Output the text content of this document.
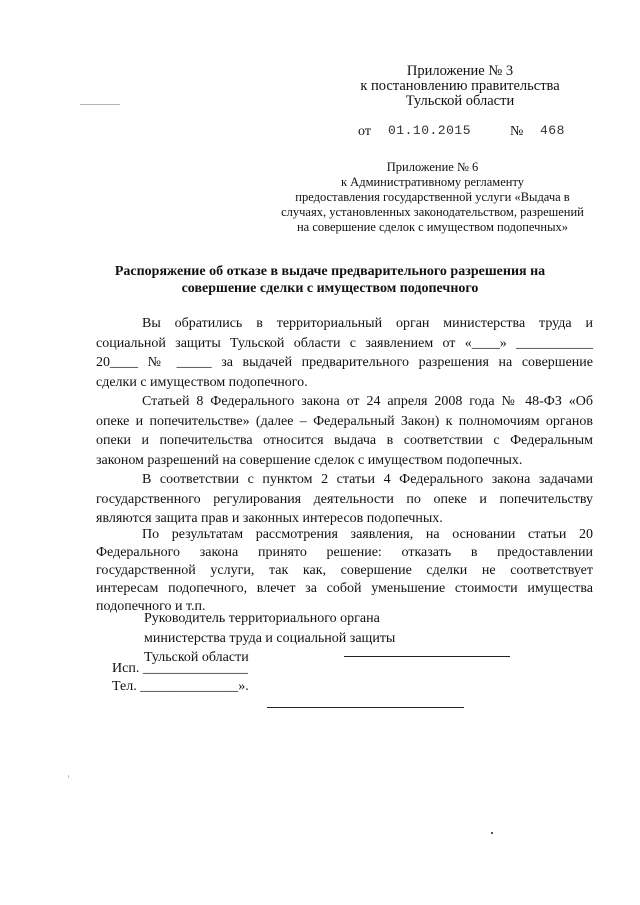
Приложение № 3
к постановлению правительства
Тульской области
от 01.10.2015	№ 468
Приложение № 6
к Административному регламенту
предоставления государственной услуги «Выдача в
случаях, установленных законодательством, разрешений
на совершение сделок с имуществом подопечных»
Распоряжение об отказе в выдаче предварительного разрешения на
совершение сделки с имуществом подопечного
Вы обратились в территориальный орган министерства труда и
социальной защиты Тульской области с заявлением от «____» ___________
20____ № _____ за выдачей предварительного разрешения на совершение
сделки с имуществом подопечного.
Статьей 8 Федерального закона от 24 апреля 2008 года № 48-ФЗ «Об
опеке и попечительстве» (далее – Федеральный Закон) к полномочиям органов
опеки и попечительства относится выдача в соответствии с Федеральным
законом разрешений на совершение сделок с имуществом подопечных.
В соответствии с пунктом 2 статьи 4 Федерального закона задачами
государственного регулирования деятельности по опеке и попечительству
являются защита прав и законных интересов подопечных.
По результатам рассмотрения заявления, на основании статьи 20
Федерального закона принято решение: отказать в предоставлении
государственной услуги, так как, совершение сделки не соответствует
интересам подопечного, влечет за собой уменьшение стоимости имущества
подопечного и т.п.
Руководитель территориального органа
министерства труда и социальной защиты
Тульской области
Исп. _______________
Тел. ______________».
